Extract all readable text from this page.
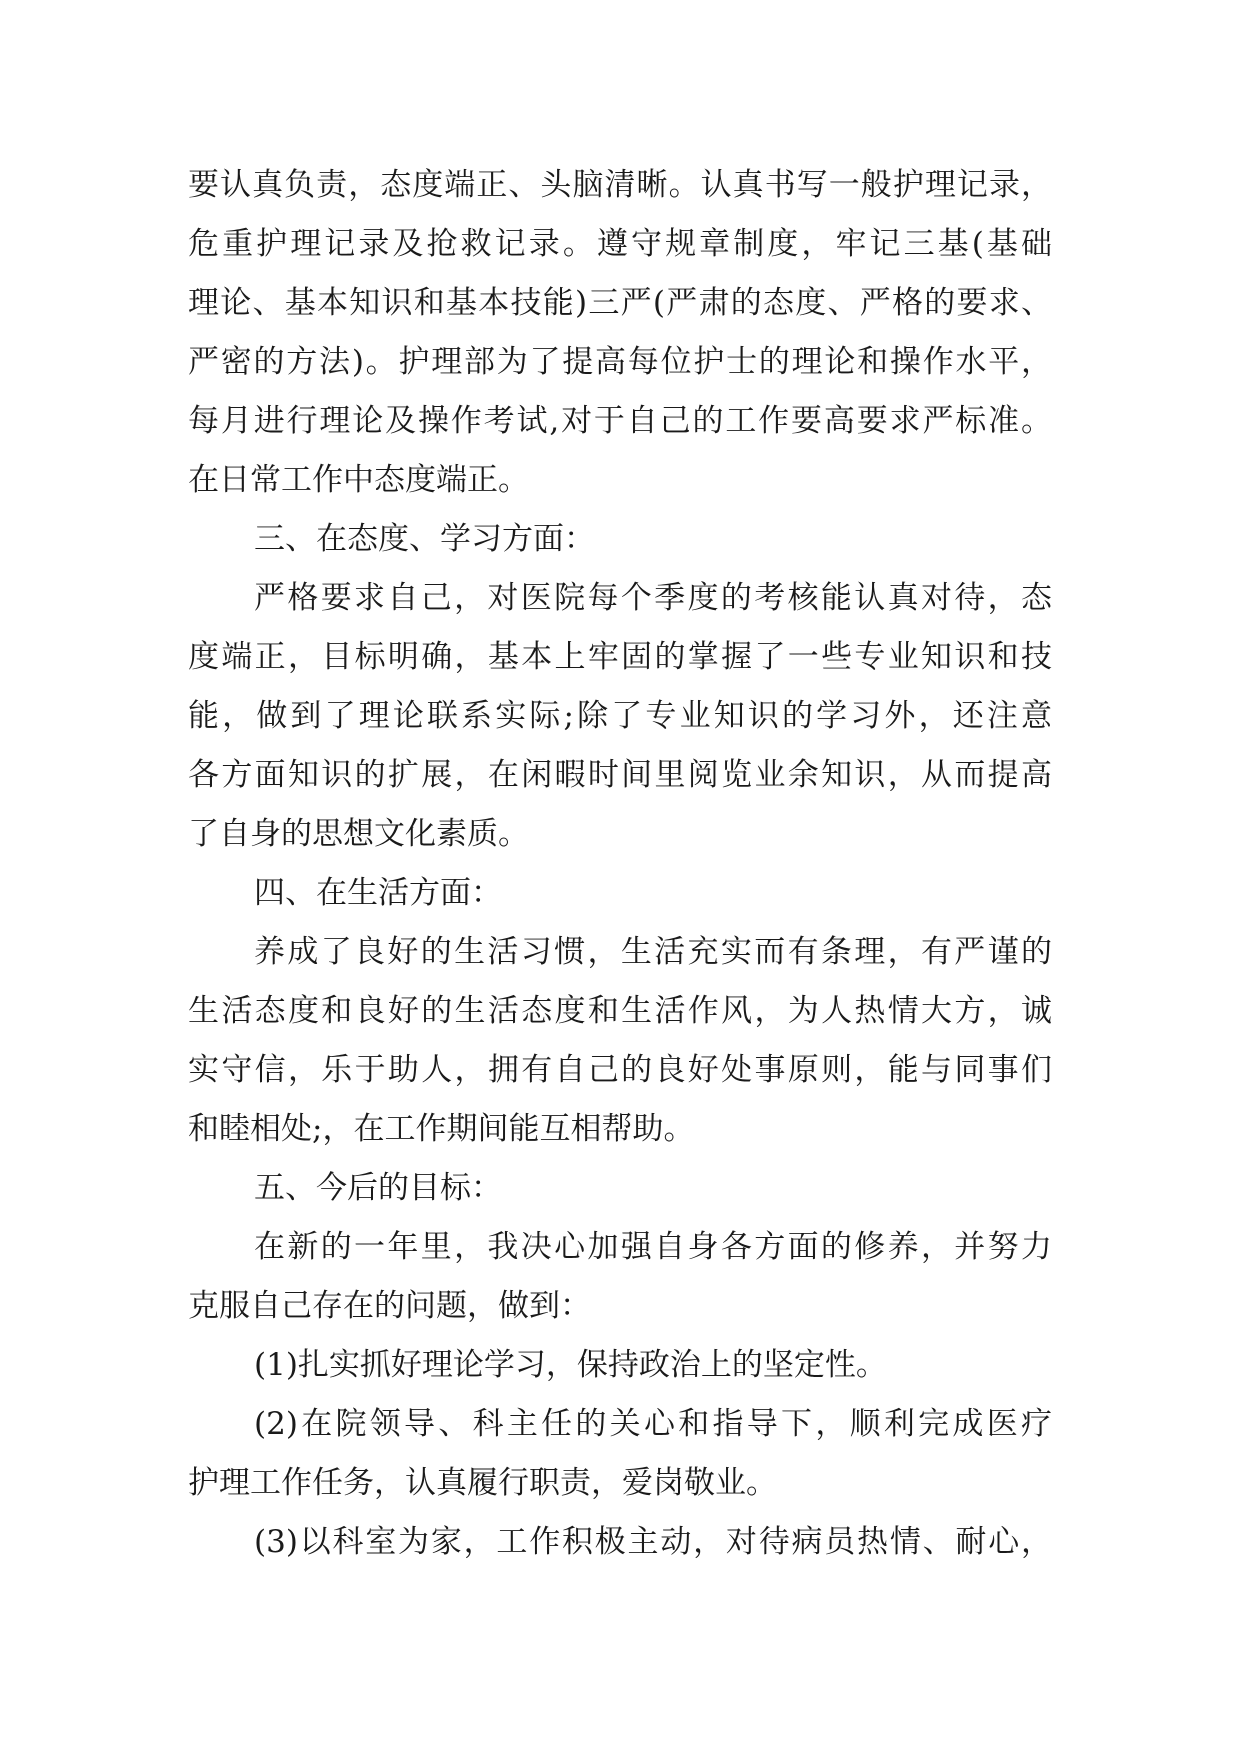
要认真负责，态度端正、头脑清晰。认真书写一般护理记录，
危重护理记录及抢救记录。遵守规章制度，牢记三基(基础
理论、基本知识和基本技能)三严(严肃的态度、严格的要求、
严密的方法)。护理部为了提高每位护士的理论和操作水平，
每月进行理论及操作考试,对于自己的工作要高要求严标准。
在日常工作中态度端正。
三、在态度、学习方面：
严格要求自己，对医院每个季度的考核能认真对待，态
度端正，目标明确，基本上牢固的掌握了一些专业知识和技
能，做到了理论联系实际;除了专业知识的学习外，还注意
各方面知识的扩展，在闲暇时间里阅览业余知识，从而提高
了自身的思想文化素质。
四、在生活方面：
养成了良好的生活习惯，生活充实而有条理，有严谨的
生活态度和良好的生活态度和生活作风，为人热情大方，诚
实守信，乐于助人，拥有自己的良好处事原则，能与同事们
和睦相处;，在工作期间能互相帮助。
五、今后的目标：
在新的一年里，我决心加强自身各方面的修养，并努力
克服自己存在的问题，做到：
(1)扎实抓好理论学习，保持政治上的坚定性。
(2)在院领导、科主任的关心和指导下，顺利完成医疗
护理工作任务，认真履行职责，爱岗敬业。
(3)以科室为家，工作积极主动，对待病员热情、耐心，
